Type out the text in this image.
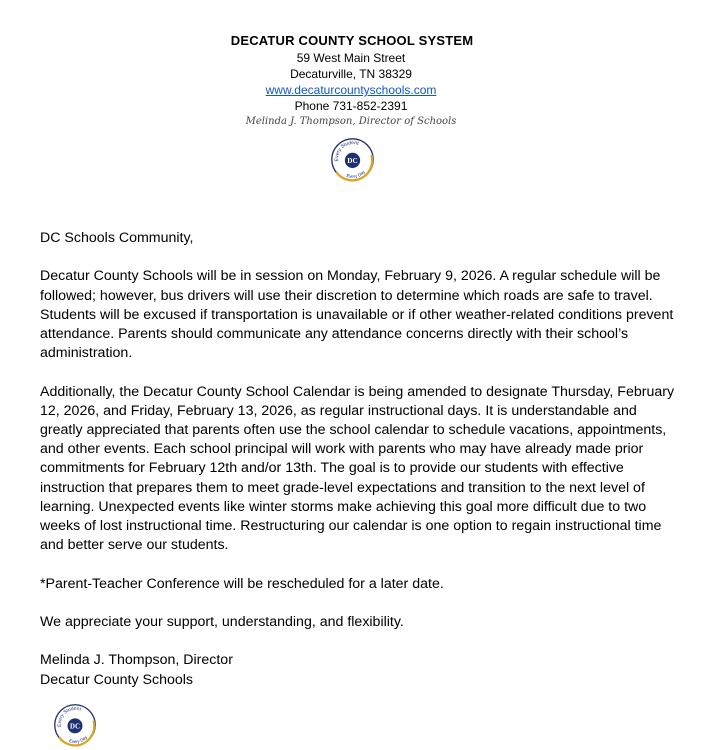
DECATUR COUNTY SCHOOL SYSTEM
59 West Main Street
Decaturville, TN 38329
www.decaturcountyschools.com
Phone 731-852-2391
Melinda J. Thompson, Director of Schools
Every Student
Every Day
DC

DC Schools Community,

Decatur County Schools will be in session on Monday, February 9, 2026. A regular schedule will be followed; however, bus drivers will use their discretion to determine which roads are safe to travel. Students will be excused if transportation is unavailable or if other weather-related conditions prevent attendance. Parents should communicate any attendance concerns directly with their school’s administration.

Additionally, the Decatur County School Calendar is being amended to designate Thursday, February 12, 2026, and Friday, February 13, 2026, as regular instructional days. It is understandable and greatly appreciated that parents often use the school calendar to schedule vacations, appointments, and other events. Each school principal will work with parents who may have already made prior commitments for February 12th and/or 13th. The goal is to provide our students with effective instruction that prepares them to meet grade-level expectations and transition to the next level of learning. Unexpected events like winter storms make achieving this goal more difficult due to two weeks of lost instructional time. Restructuring our calendar is one option to regain instructional time and better serve our students.

*Parent-Teacher Conference will be rescheduled for a later date.

We appreciate your support, understanding, and flexibility.

Melinda J. Thompson, Director

Decatur County Schools

Every Student
Every Day
DC
